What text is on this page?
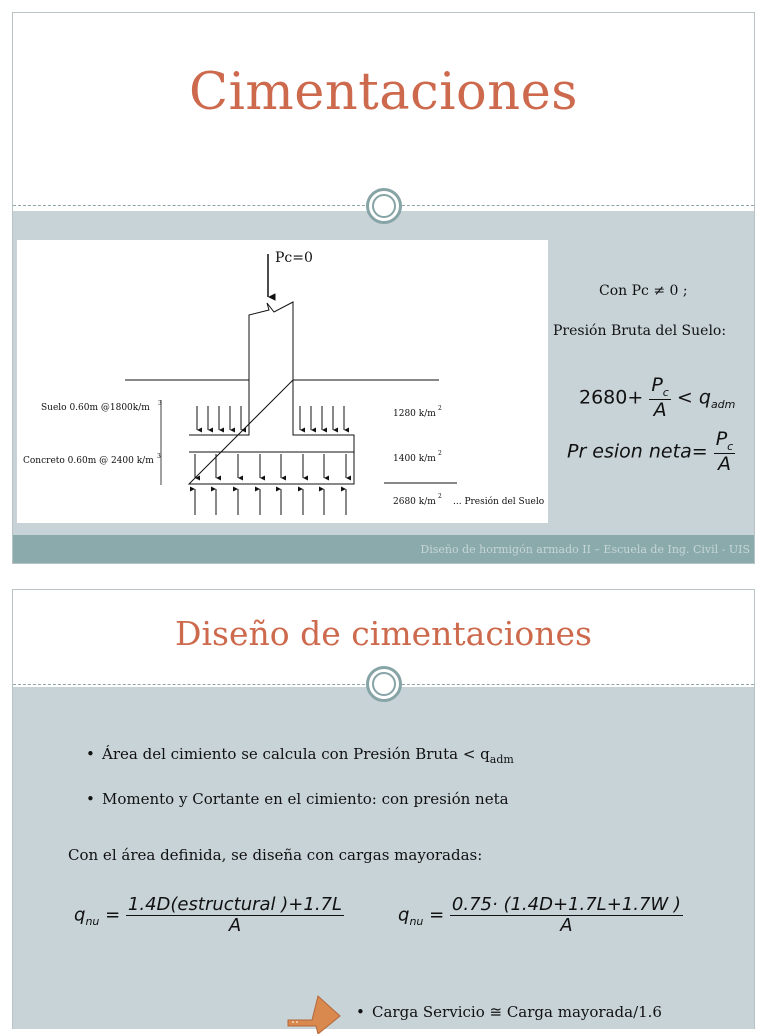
Cimentaciones
Pc=0
Suelo 0.60m @1800k/m 3
Concreto 0.60m @ 2400 k/m 3
1280 k/m
2
1400 k/m
2
2680 k/m
2
... Presión del Suelo
Con Pc ≠ 0 ;
Presión Bruta del Suelo:
$2680+ \frac{P_c}{A} < q_{adm}$
Pr esion neta= $\frac{P_c}{A}$
Diseño de hormigón armado II – Escuela de Ing. Civil - UIS
Diseño de cimentaciones
• Área del cimiento se calcula con Presión Bruta < $q_{adm}$
• Momento y Cortante en el cimiento: con presión neta
Con el área definida, se diseña con cargas mayoradas:
$q_{nu} = \frac{\text{1.4D(estructural )+1.7L}}{A}$	$q_{nu} = \frac{0.75\cdot (1.4D+1.7L+1.7W )}{A}$
• Carga Servicio ≅ Carga mayorada/1.6
